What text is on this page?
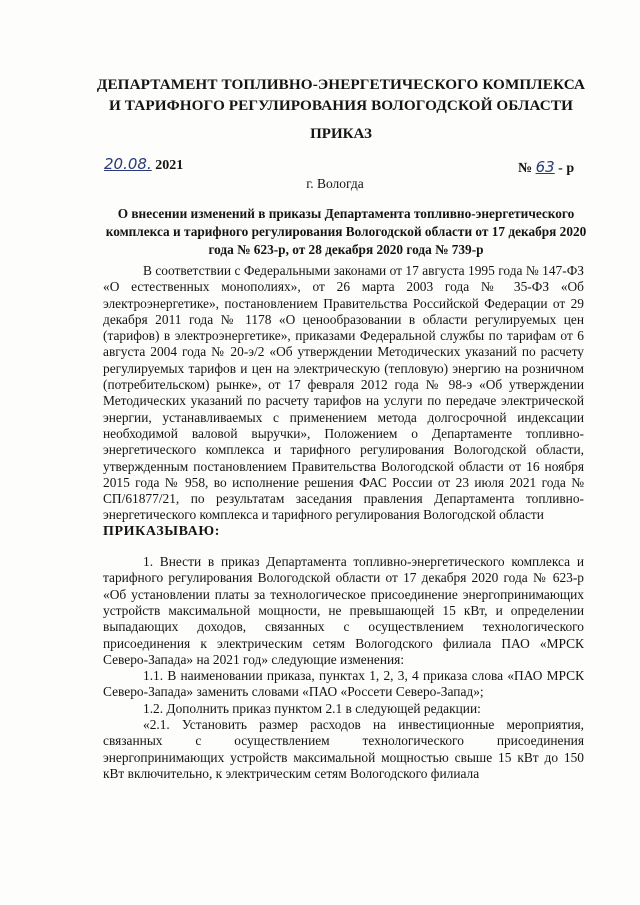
ДЕПАРТАМЕНТ ТОПЛИВНО-ЭНЕРГЕТИЧЕСКОГО КОМПЛЕКСА
И ТАРИФНОГО РЕГУЛИРОВАНИЯ ВОЛОГОДСКОЙ ОБЛАСТИ
ПРИКАЗ
20.08. 2021	№ 63 - р
г. Вологда
О внесении изменений в приказы Департамента топливно-энергетического комплекса и тарифного регулирования Вологодской области от 17 декабря 2020 года № 623-р, от 28 декабря 2020 года № 739-р

В соответствии с Федеральными законами от 17 августа 1995 года № 147-ФЗ «О естественных монополиях», от 26 марта 2003 года № 35-ФЗ «Об электроэнергетике», постановлением Правительства Российской Федерации от 29 декабря 2011 года № 1178 «О ценообразовании в области регулируемых цен (тарифов) в электроэнергетике», приказами Федеральной службы по тарифам от 6 августа 2004 года № 20-э/2 «Об утверждении Методических указаний по расчету регулируемых тарифов и цен на электрическую (тепловую) энергию на розничном (потребительском) рынке», от 17 февраля 2012 года № 98-э «Об утверждении Методических указаний по расчету тарифов на услуги по передаче электрической энергии, устанавливаемых с применением метода долгосрочной индексации необходимой валовой выручки», Положением о Департаменте топливно-энергетического комплекса и тарифного регулирования Вологодской области, утвержденным постановлением Правительства Вологодской области от 16 ноября 2015 года № 958, во исполнение решения ФАС России от 23 июля 2021 года № СП/61877/21, по результатам заседания правления Департамента топливно-энергетического комплекса и тарифного регулирования Вологодской области

ПРИКАЗЫВАЮ:

1. Внести в приказ Департамента топливно-энергетического комплекса и тарифного регулирования Вологодской области от 17 декабря 2020 года № 623-р «Об установлении платы за технологическое присоединение энергопринимающих устройств максимальной мощности, не превышающей 15 кВт, и определении выпадающих доходов, связанных с осуществлением технологического присоединения к электрическим сетям Вологодского филиала ПАО «МРСК Северо-Запада» на 2021 год» следующие изменения:

1.1. В наименовании приказа, пунктах 1, 2, 3, 4 приказа слова «ПАО МРСК Северо-Запада» заменить словами «ПАО «Россети Северо-Запад»;

1.2. Дополнить приказ пунктом 2.1 в следующей редакции:

«2.1. Установить размер расходов на инвестиционные мероприятия, связанных с осуществлением технологического присоединения энергопринимающих устройств максимальной мощностью свыше 15 кВт до 150 кВт включительно, к электрическим сетям Вологодского филиала
